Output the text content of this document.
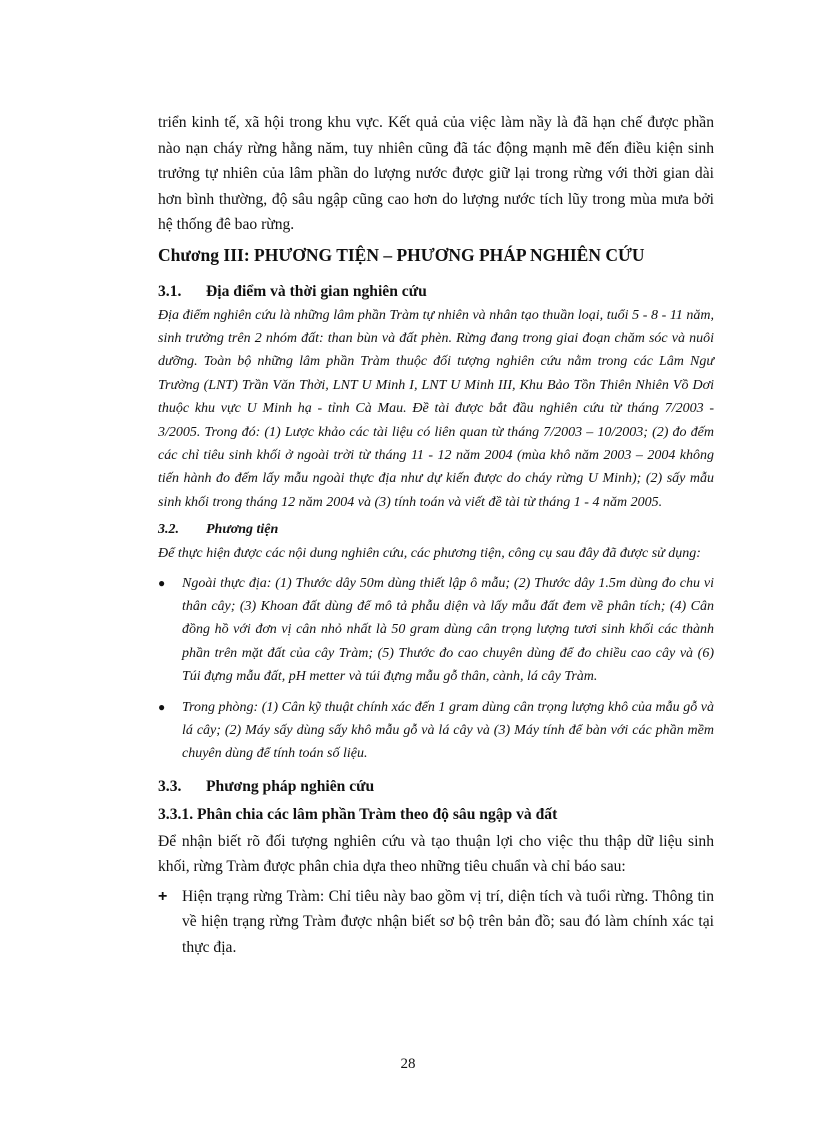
triển kinh tế, xã hội trong khu vực. Kết quả của việc làm nầy là đã hạn chế được phần nào nạn cháy rừng hằng năm, tuy nhiên cũng đã tác động mạnh mẽ đến điều kiện sinh trưởng tự nhiên của lâm phần do lượng nước được giữ lại trong rừng với thời gian dài hơn bình thường, độ sâu ngập cũng cao hơn do lượng nước tích lũy trong mùa mưa bởi hệ thống đê bao rừng.

Chương III: PHƯƠNG TIỆN – PHƯƠNG PHÁP NGHIÊN CỨU

3.1. Địa điểm và thời gian nghiên cứu

Địa điểm nghiên cứu là những lâm phần Tràm tự nhiên và nhân tạo thuần loại, tuổi 5 - 8 - 11 năm, sinh trưởng trên 2 nhóm đất: than bùn và đất phèn. Rừng đang trong giai đoạn chăm sóc và nuôi dưỡng. Toàn bộ những lâm phần Tràm thuộc đối tượng nghiên cứu nằm trong các Lâm Ngư Trường (LNT) Trần Văn Thời, LNT U Minh I, LNT U Minh III, Khu Bảo Tồn Thiên Nhiên Vồ Dơi thuộc khu vực U Minh hạ - tỉnh Cà Mau. Đề tài được bắt đầu nghiên cứu từ tháng 7/2003 - 3/2005. Trong đó: (1) Lược khảo các tài liệu có liên quan từ tháng 7/2003 – 10/2003; (2) đo đếm các chỉ tiêu sinh khối ở ngoài trời từ tháng 11 - 12 năm 2004 (mùa khô năm 2003 – 2004 không tiến hành đo đếm lấy mẫu ngoài thực địa như dự kiến được do cháy rừng U Minh); (2) sấy mẫu sinh khối trong tháng 12 năm 2004 và (3) tính toán và viết đề tài từ tháng 1 - 4 năm 2005.

3.2. Phương tiện

Để thực hiện được các nội dung nghiên cứu, các phương tiện, công cụ sau đây đã được sử dụng:

● Ngoài thực địa: (1) Thước dây 50m dùng thiết lập ô mẫu; (2) Thước dây 1.5m dùng đo chu vi thân cây; (3) Khoan đất dùng để mô tả phẫu diện và lấy mẫu đất đem về phân tích; (4) Cân đồng hồ với đơn vị cân nhỏ nhất là 50 gram dùng cân trọng lượng tươi sinh khối các thành phần trên mặt đất của cây Tràm; (5) Thước đo cao chuyên dùng để đo chiều cao cây và (6) Túi đựng mẫu đất, pH metter và túi đựng mẫu gỗ thân, cành, lá cây Tràm.
● Trong phòng: (1) Cân kỹ thuật chính xác đến 1 gram dùng cân trọng lượng khô của mẫu gỗ và lá cây; (2) Máy sấy dùng sấy khô mẫu gỗ và lá cây và (3) Máy tính để bàn với các phần mềm chuyên dùng để tính toán số liệu.
3.3. Phương pháp nghiên cứu
3.3.1. Phân chia các lâm phần Tràm theo độ sâu ngập và đất

Để nhận biết rõ đối tượng nghiên cứu và tạo thuận lợi cho việc thu thập dữ liệu sinh khối, rừng Tràm được phân chia dựa theo những tiêu chuẩn và chỉ báo sau:

+ Hiện trạng rừng Tràm: Chỉ tiêu này bao gồm vị trí, diện tích và tuổi rừng. Thông tin về hiện trạng rừng Tràm được nhận biết sơ bộ trên bản đồ; sau đó làm chính xác tại thực địa.
28
